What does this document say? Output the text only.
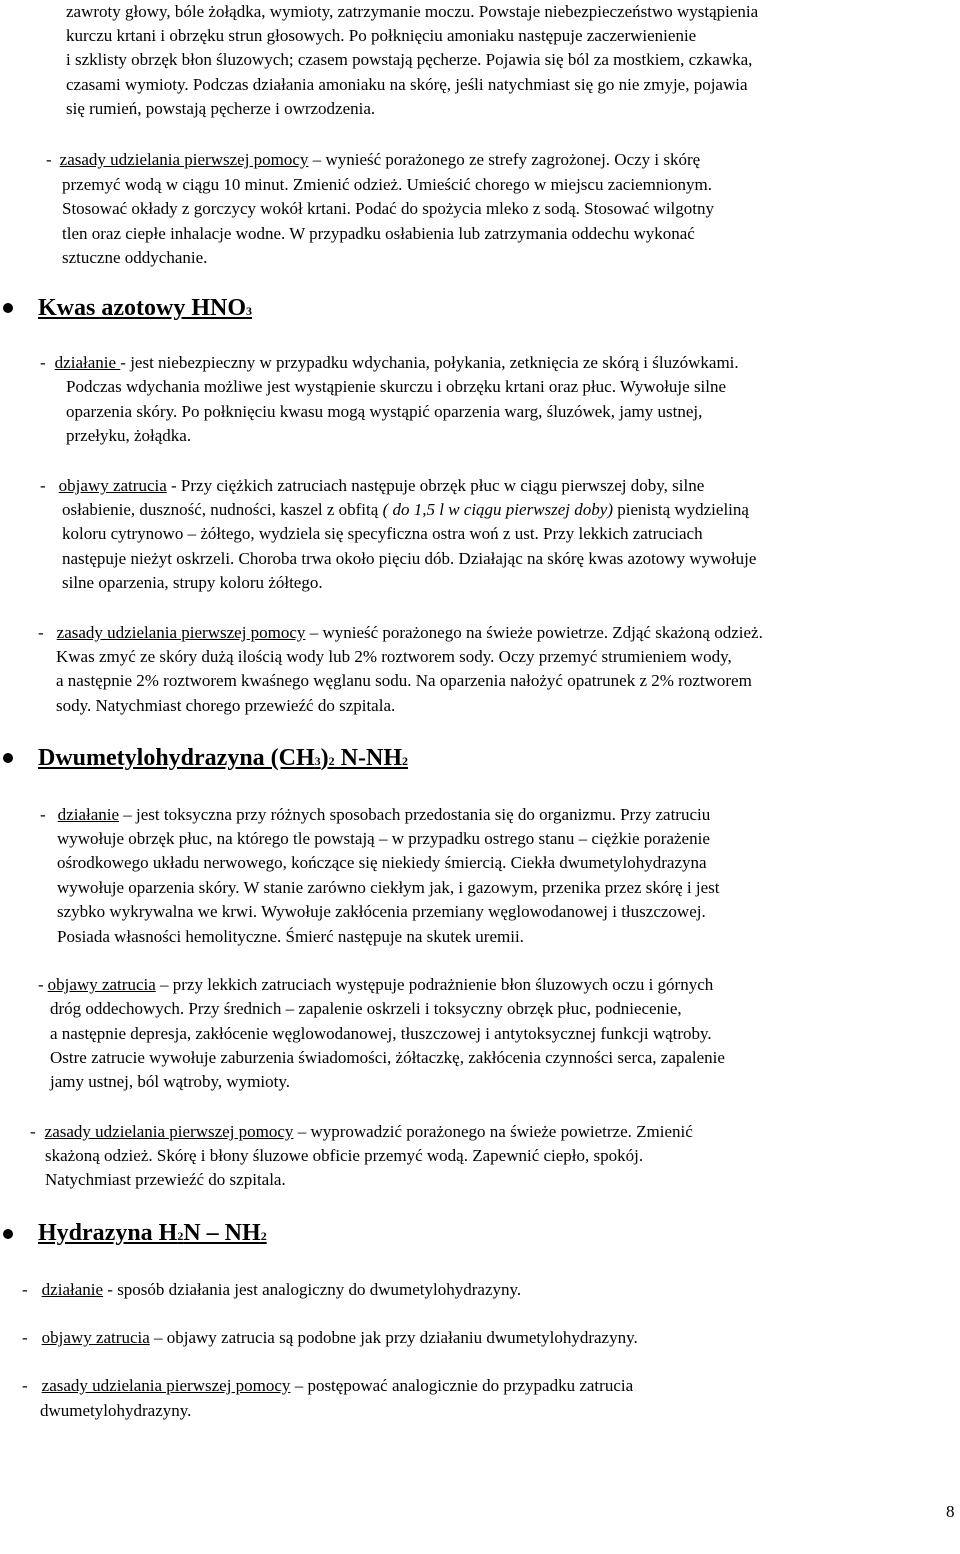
zawroty głowy, bóle żołądka, wymioty, zatrzymanie moczu. Powstaje niebezpieczeństwo wystąpienia
kurczu krtani i obrzęku strun głosowych. Po połknięciu amoniaku następuje zaczerwienienie
i szklisty obrzęk błon śluzowych; czasem powstają pęcherze. Pojawia się ból za mostkiem, czkawka,
czasami wymioty. Podczas działania amoniaku na skórę, jeśli natychmiast się go nie zmyje, pojawia
się rumień, powstają pęcherze i owrzodzenia.
- zasady udzielania pierwszej pomocy – wynieść porażonego ze strefy zagrożonej. Oczy i skórę
przemyć wodą w ciągu 10 minut. Zmienić odzież. Umieścić chorego w miejscu zaciemnionym.
Stosować okłady z gorczycy wokół krtani. Podać do spożycia mleko z sodą. Stosować wilgotny
tlen oraz ciepłe inhalacje wodne. W przypadku osłabienia lub zatrzymania oddechu wykonać
sztuczne oddychanie.
Kwas azotowy HNO3
- działanie - jest niebezpieczny w przypadku wdychania, połykania, zetknięcia ze skórą i śluzówkami.
Podczas wdychania możliwe jest wystąpienie skurczu i obrzęku krtani oraz płuc. Wywołuje silne
oparzenia skóry. Po połknięciu kwasu mogą wystąpić oparzenia warg, śluzówek, jamy ustnej,
przełyku, żołądka.
- objawy zatrucia - Przy ciężkich zatruciach następuje obrzęk płuc w ciągu pierwszej doby, silne
osłabienie, duszność, nudności, kaszel z obfitą ( do 1,5 l w ciągu pierwszej doby) pienistą wydzieliną
koloru cytrynowo – żółtego, wydziela się specyficzna ostra woń z ust. Przy lekkich zatruciach
następuje nieżyt oskrzeli. Choroba trwa około pięciu dób. Działając na skórę kwas azotowy wywołuje
silne oparzenia, strupy koloru żółtego.
- zasady udzielania pierwszej pomocy – wynieść porażonego na świeże powietrze. Zdjąć skażoną odzież.
Kwas zmyć ze skóry dużą ilością wody lub 2% roztworem sody. Oczy przemyć strumieniem wody,
a następnie 2% roztworem kwaśnego węglanu sodu. Na oparzenia nałożyć opatrunek z 2% roztworem
sody. Natychmiast chorego przewieźć do szpitala.
Dwumetylohydrazyna (CH3)2 N-NH2
- działanie – jest toksyczna przy różnych sposobach przedostania się do organizmu. Przy zatruciu
wywołuje obrzęk płuc, na którego tle powstają – w przypadku ostrego stanu – ciężkie porażenie
ośrodkowego układu nerwowego, kończące się niekiedy śmiercią. Ciekła dwumetylohydrazyna
wywołuje oparzenia skóry. W stanie zarówno ciekłym jak, i gazowym, przenika przez skórę i jest
szybko wykrywalna we krwi. Wywołuje zakłócenia przemiany węglowodanowej i tłuszczowej.
Posiada własności hemolityczne. Śmierć następuje na skutek uremii.
- objawy zatrucia – przy lekkich zatruciach występuje podrażnienie błon śluzowych oczu i górnych
dróg oddechowych. Przy średnich – zapalenie oskrzeli i toksyczny obrzęk płuc, podniecenie,
a następnie depresja, zakłócenie węglowodanowej, tłuszczowej i antytoksycznej funkcji wątroby.
Ostre zatrucie wywołuje zaburzenia świadomości, żółtaczkę, zakłócenia czynności serca, zapalenie
jamy ustnej, ból wątroby, wymioty.
- zasady udzielania pierwszej pomocy – wyprowadzić porażonego na świeże powietrze. Zmienić
skażoną odzież. Skórę i błony śluzowe obficie przemyć wodą. Zapewnić ciepło, spokój.
Natychmiast przewieźć do szpitala.
Hydrazyna H2N – NH2
- działanie - sposób działania jest analogiczny do dwumetylohydrazyny.
- objawy zatrucia – objawy zatrucia są podobne jak przy działaniu dwumetylohydrazyny.
- zasady udzielania pierwszej pomocy – postępować analogicznie do przypadku zatrucia
dwumetylohydrazyny.
8
